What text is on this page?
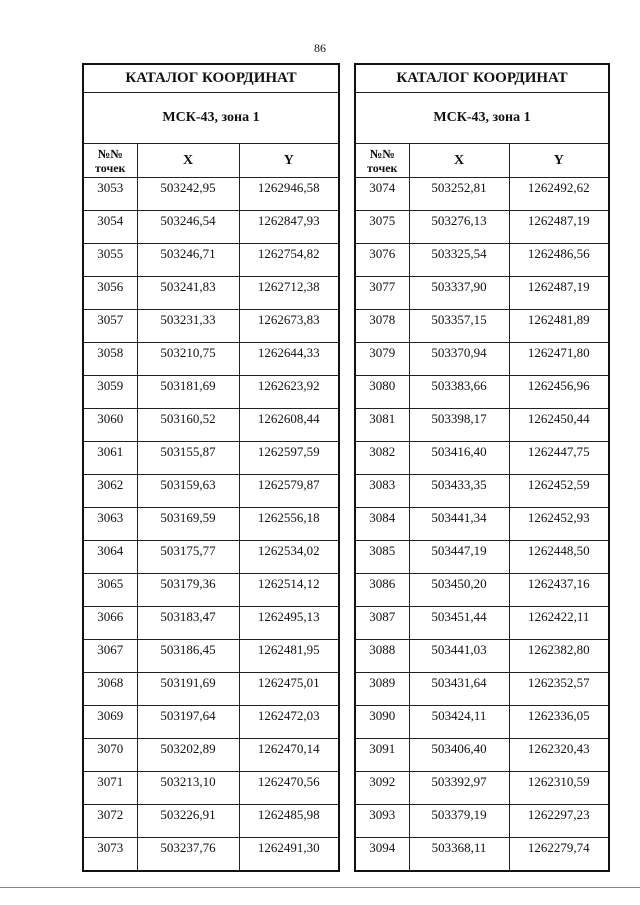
86
КАТАЛОГ КООРДИНАТ		
МСК-43, зона 1		

№№
точек	X	Y
3053	503242,95	1262946,58
3054	503246,54	1262847,93
3055	503246,71	1262754,82
3056	503241,83	1262712,38
3057	503231,33	1262673,83
3058	503210,75	1262644,33
3059	503181,69	1262623,92
3060	503160,52	1262608,44
3061	503155,87	1262597,59
3062	503159,63	1262579,87
3063	503169,59	1262556,18
3064	503175,77	1262534,02
3065	503179,36	1262514,12
3066	503183,47	1262495,13
3067	503186,45	1262481,95
3068	503191,69	1262475,01
3069	503197,64	1262472,03
3070	503202,89	1262470,14
3071	503213,10	1262470,56
3072	503226,91	1262485,98
3073	503237,76	1262491,30
КАТАЛОГ КООРДИНАТ		
МСК-43, зона 1		

№№
точек	X	Y
3074	503252,81	1262492,62
3075	503276,13	1262487,19
3076	503325,54	1262486,56
3077	503337,90	1262487,19
3078	503357,15	1262481,89
3079	503370,94	1262471,80
3080	503383,66	1262456,96
3081	503398,17	1262450,44
3082	503416,40	1262447,75
3083	503433,35	1262452,59
3084	503441,34	1262452,93
3085	503447,19	1262448,50
3086	503450,20	1262437,16
3087	503451,44	1262422,11
3088	503441,03	1262382,80
3089	503431,64	1262352,57
3090	503424,11	1262336,05
3091	503406,40	1262320,43
3092	503392,97	1262310,59
3093	503379,19	1262297,23
3094	503368,11	1262279,74
